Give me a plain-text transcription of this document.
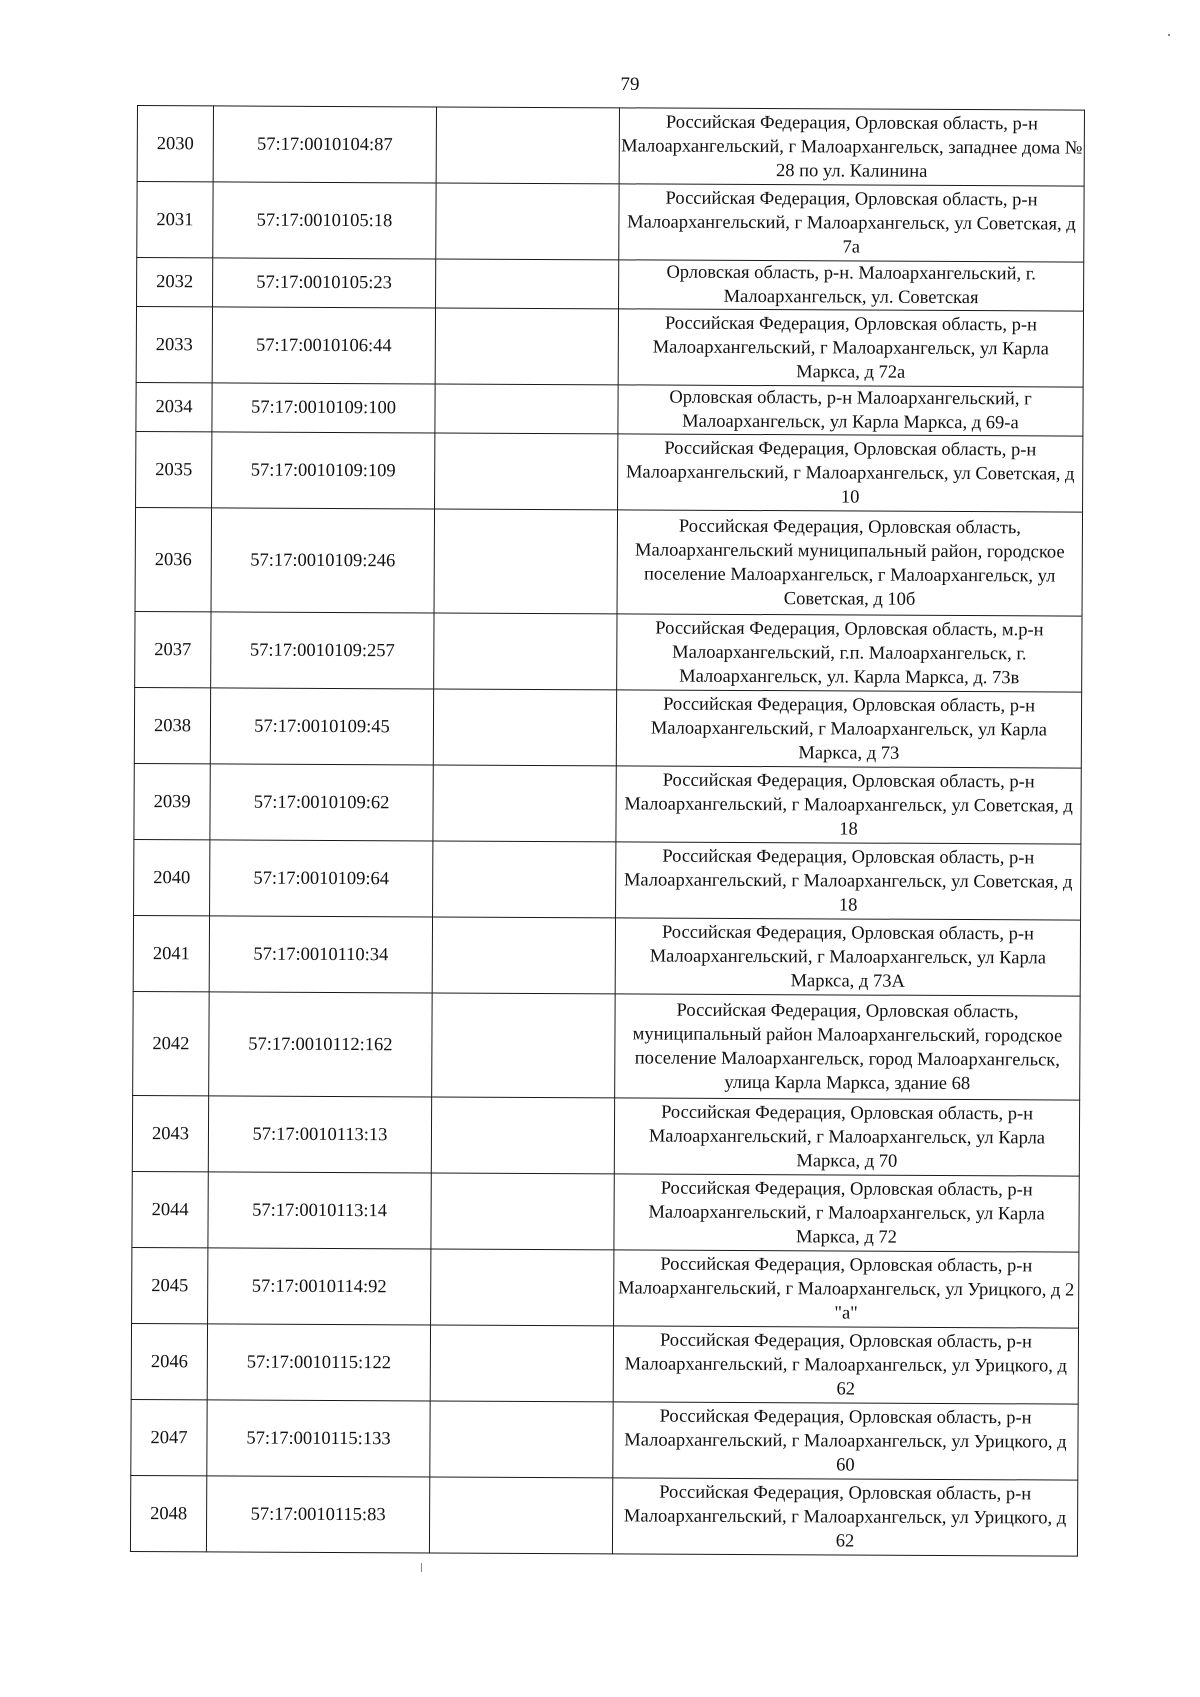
79
2030	57:17:0010104:87		Российская Федерация, Орловская область, р-н Малоархангельский, г Малоархангельск, западнее дома № 28 по ул. Калинина
2031	57:17:0010105:18		Российская Федерация, Орловская область, р-н Малоархангельский, г Малоархангельск, ул Советская, д 7а
2032	57:17:0010105:23		Орловская область, р-н. Малоархангельский, г. Малоархангельск, ул. Советская
2033	57:17:0010106:44		Российская Федерация, Орловская область, р-н Малоархангельский, г Малоархангельск, ул Карла Маркса, д 72а
2034	57:17:0010109:100		Орловская область, р-н Малоархангельский, г Малоархангельск, ул Карла Маркса, д 69-а
2035	57:17:0010109:109		Российская Федерация, Орловская область, р-н Малоархангельский, г Малоархангельск, ул Советская, д 10
2036	57:17:0010109:246		Российская Федерация, Орловская область, Малоархангельский муниципальный район, городское поселение Малоархангельск, г Малоархангельск, ул Советская, д 10б
2037	57:17:0010109:257		Российская Федерация, Орловская область, м.р-н Малоархангельский, г.п. Малоархангельск, г. Малоархангельск, ул. Карла Маркса, д. 73в
2038	57:17:0010109:45		Российская Федерация, Орловская область, р-н Малоархангельский, г Малоархангельск, ул Карла Маркса, д 73
2039	57:17:0010109:62		Российская Федерация, Орловская область, р-н Малоархангельский, г Малоархангельск, ул Советская, д 18
2040	57:17:0010109:64		Российская Федерация, Орловская область, р-н Малоархангельский, г Малоархангельск, ул Советская, д 18
2041	57:17:0010110:34		Российская Федерация, Орловская область, р-н Малоархангельский, г Малоархангельск, ул Карла Маркса, д 73А
2042	57:17:0010112:162		Российская Федерация, Орловская область, муниципальный район Малоархангельский, городское поселение Малоархангельск, город Малоархангельск, улица Карла Маркса, здание 68
2043	57:17:0010113:13		Российская Федерация, Орловская область, р-н Малоархангельский, г Малоархангельск, ул Карла Маркса, д 70
2044	57:17:0010113:14		Российская Федерация, Орловская область, р-н Малоархангельский, г Малоархангельск, ул Карла Маркса, д 72
2045	57:17:0010114:92		Российская Федерация, Орловская область, р-н Малоархангельский, г Малоархангельск, ул Урицкого, д 2 "а"
2046	57:17:0010115:122		Российская Федерация, Орловская область, р-н Малоархангельский, г Малоархангельск, ул Урицкого, д 62
2047	57:17:0010115:133		Российская Федерация, Орловская область, р-н Малоархангельский, г Малоархангельск, ул Урицкого, д 60
2048	57:17:0010115:83		Российская Федерация, Орловская область, р-н Малоархангельский, г Малоархангельск, ул Урицкого, д 62
